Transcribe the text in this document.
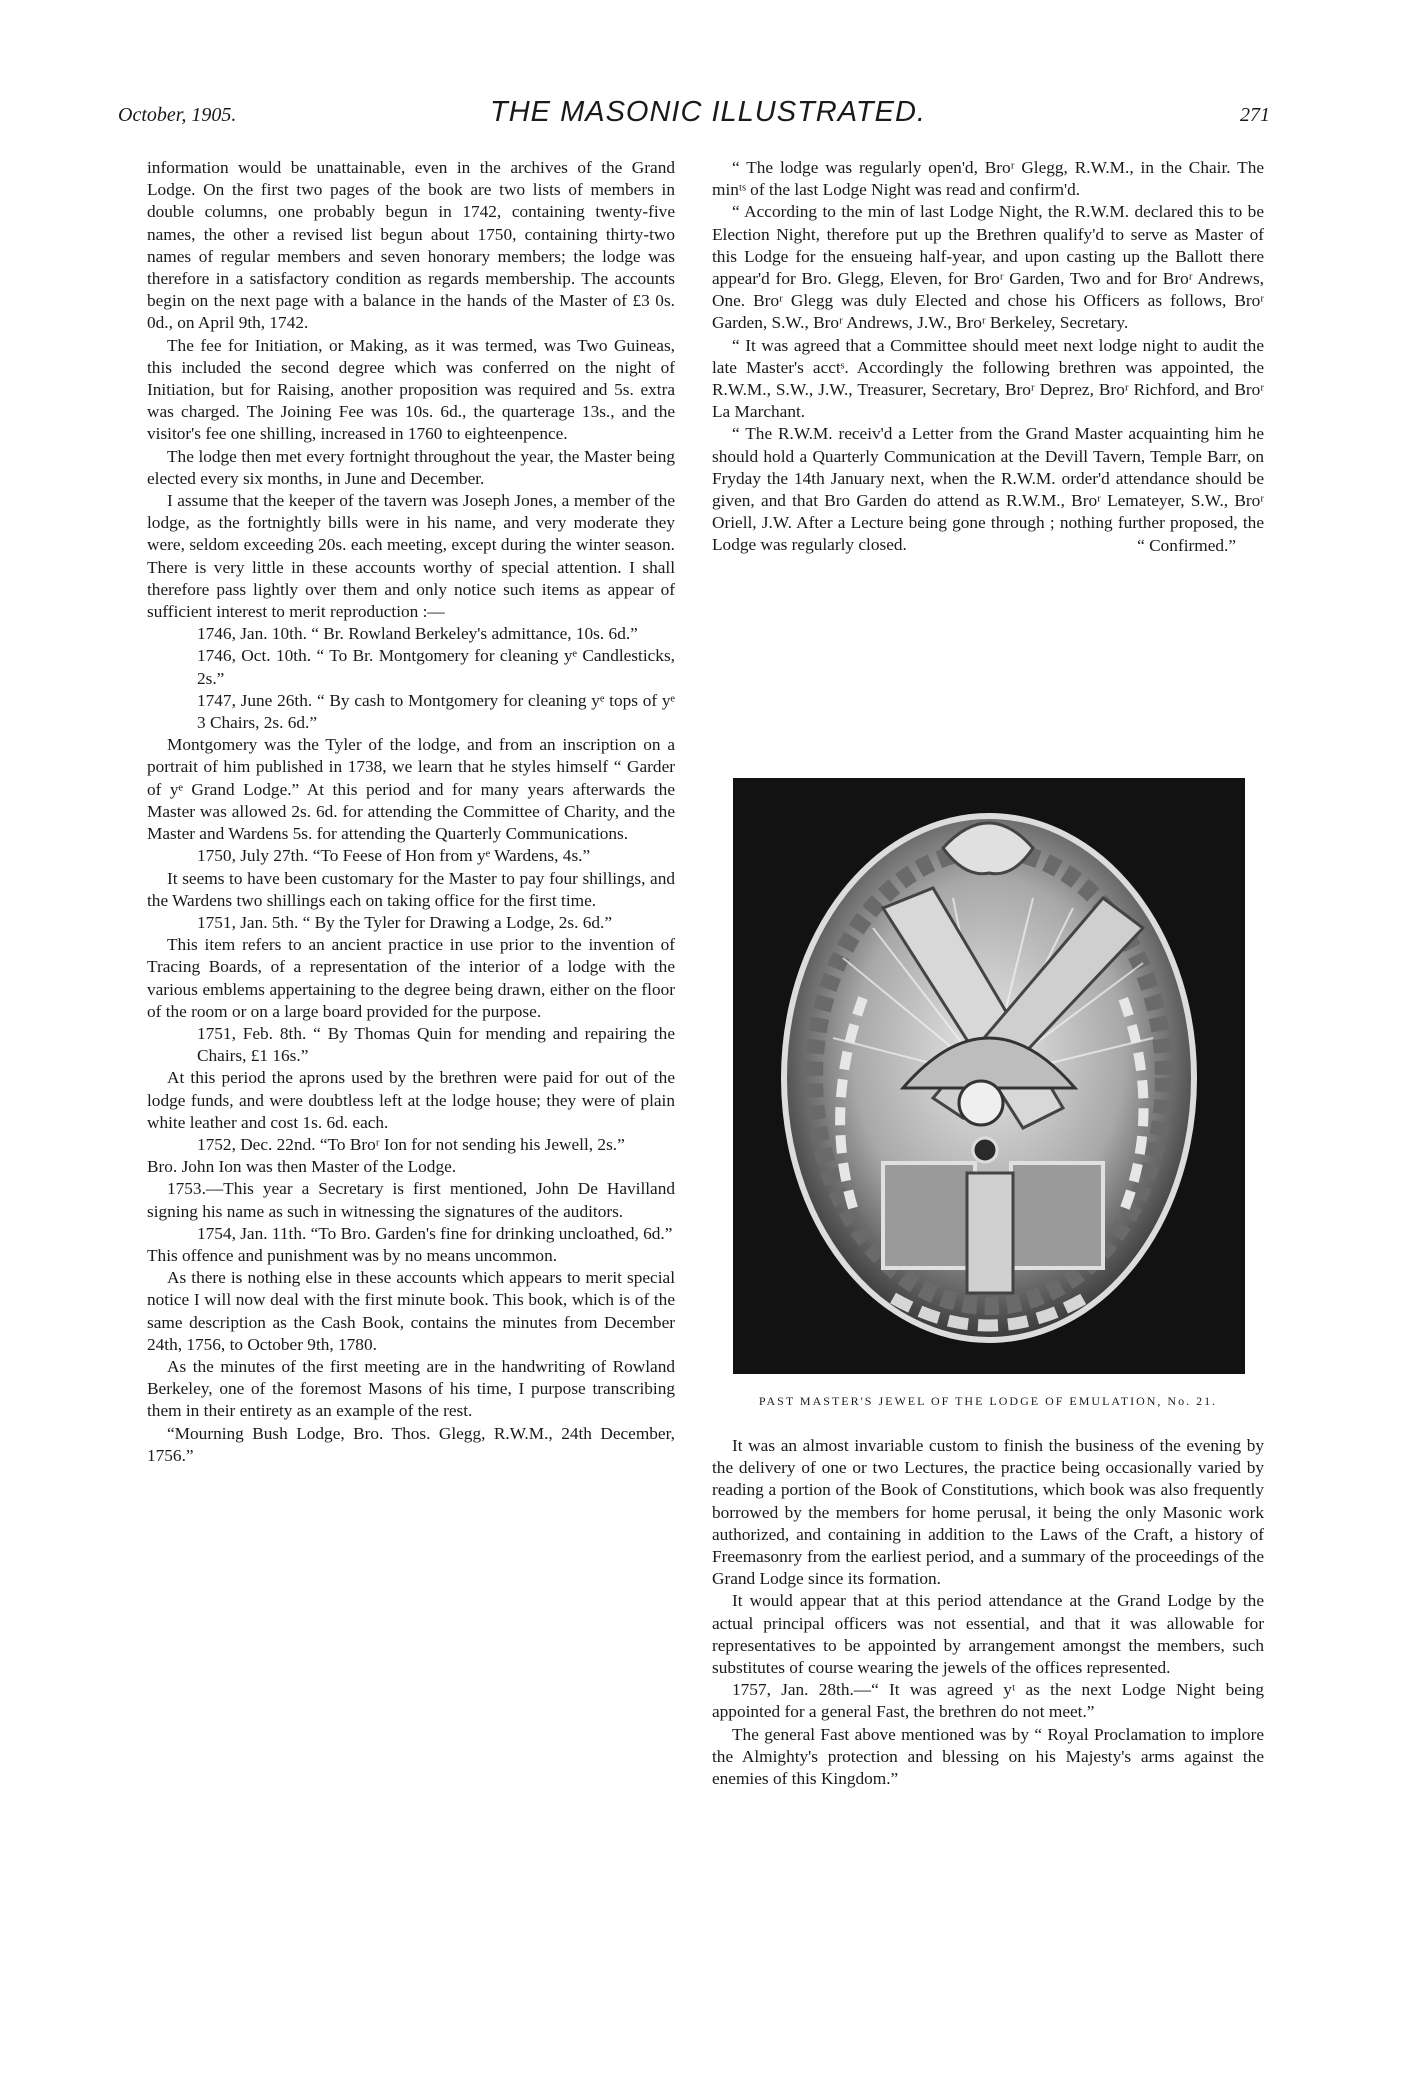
October, 1905.	THE MASONIC ILLUSTRATED.	271

information would be unattainable, even in the archives of the Grand Lodge. On the first two pages of the book are two lists of members in double columns, one probably begun in 1742, containing twenty-five names, the other a revised list begun about 1750, containing thirty-two names of regular members and seven honorary members; the lodge was therefore in a satisfactory condition as regards membership. The accounts begin on the next page with a balance in the hands of the Master of £3 0s. 0d., on April 9th, 1742.

The fee for Initiation, or Making, as it was termed, was Two Guineas, this included the second degree which was conferred on the night of Initiation, but for Raising, another proposition was required and 5s. extra was charged. The Joining Fee was 10s. 6d., the quarterage 13s., and the visitor's fee one shilling, increased in 1760 to eighteenpence.

The lodge then met every fortnight throughout the year, the Master being elected every six months, in June and December.

I assume that the keeper of the tavern was Joseph Jones, a member of the lodge, as the fortnightly bills were in his name, and very moderate they were, seldom exceeding 20s. each meeting, except during the winter season. There is very little in these accounts worthy of special attention. I shall therefore pass lightly over them and only notice such items as appear of sufficient interest to merit reproduction :—

1746, Jan. 10th. “ Br. Rowland Berkeley's admittance, 10s. 6d.”

1746, Oct. 10th. “ To Br. Montgomery for cleaning yᵉ Candlesticks, 2s.”

1747, June 26th. “ By cash to Montgomery for cleaning yᵉ tops of yᵉ 3 Chairs, 2s. 6d.”

Montgomery was the Tyler of the lodge, and from an inscription on a portrait of him published in 1738, we learn that he styles himself “ Garder of yᵉ Grand Lodge.” At this period and for many years afterwards the Master was allowed 2s. 6d. for attending the Committee of Charity, and the Master and Wardens 5s. for attending the Quarterly Communications.

1750, July 27th. “To Feese of Hon from yᵉ Wardens, 4s.”

It seems to have been customary for the Master to pay four shillings, and the Wardens two shillings each on taking office for the first time.

1751, Jan. 5th. “ By the Tyler for Drawing a Lodge, 2s. 6d.”

This item refers to an ancient practice in use prior to the invention of Tracing Boards, of a representation of the interior of a lodge with the various emblems appertaining to the degree being drawn, either on the floor of the room or on a large board provided for the purpose.

1751, Feb. 8th. “ By Thomas Quin for mending and repairing the Chairs, £1 16s.”

At this period the aprons used by the brethren were paid for out of the lodge funds, and were doubtless left at the lodge house; they were of plain white leather and cost 1s. 6d. each.

1752, Dec. 22nd. “To Broʳ Ion for not sending his Jewell, 2s.”

Bro. John Ion was then Master of the Lodge.

1753.—This year a Secretary is first mentioned, John De Havilland signing his name as such in witnessing the signatures of the auditors.

1754, Jan. 11th. “To Bro. Garden's fine for drinking uncloathed, 6d.”

This offence and punishment was by no means uncommon.

As there is nothing else in these accounts which appears to merit special notice I will now deal with the first minute book. This book, which is of the same description as the Cash Book, contains the minutes from December 24th, 1756, to October 9th, 1780.

As the minutes of the first meeting are in the handwriting of Rowland Berkeley, one of the foremost Masons of his time, I purpose transcribing them in their entirety as an example of the rest.

“Mourning Bush Lodge, Bro. Thos. Glegg, R.W.M., 24th December, 1756.”

“ The lodge was regularly open'd, Broʳ Glegg, R.W.M., in the Chair. The minᵗˢ of the last Lodge Night was read and confirm'd.

“ According to the min of last Lodge Night, the R.W.M. declared this to be Election Night, therefore put up the Brethren qualify'd to serve as Master of this Lodge for the ensueing half-year, and upon casting up the Ballott there appear'd for Bro. Glegg, Eleven, for Broʳ Garden, Two and for Broʳ Andrews, One. Broʳ Glegg was duly Elected and chose his Officers as follows, Broʳ Garden, S.W., Broʳ Andrews, J.W., Broʳ Berkeley, Secretary.

“ It was agreed that a Committee should meet next lodge night to audit the late Master's acctˢ. Accordingly the following brethren was appointed, the R.W.M., S.W., J.W., Treasurer, Secretary, Broʳ Deprez, Broʳ Richford, and Broʳ La Marchant.

“ The R.W.M. receiv'd a Letter from the Grand Master acquainting him he should hold a Quarterly Communication at the Devill Tavern, Temple Barr, on Fryday the 14th January next, when the R.W.M. order'd attendance should be given, and that Bro Garden do attend as R.W.M., Broʳ Lemateyer, S.W., Broʳ Oriell, J.W. After a Lecture being gone through ; nothing further proposed, the Lodge was regularly closed.	“ Confirmed.”

PAST MASTER'S JEWEL OF THE LODGE OF EMULATION, No. 21.

It was an almost invariable custom to finish the business of the evening by the delivery of one or two Lectures, the practice being occasionally varied by reading a portion of the Book of Constitutions, which book was also frequently borrowed by the members for home perusal, it being the only Masonic work authorized, and containing in addition to the Laws of the Craft, a history of Freemasonry from the earliest period, and a summary of the proceedings of the Grand Lodge since its formation.

It would appear that at this period attendance at the Grand Lodge by the actual principal officers was not essential, and that it was allowable for representatives to be appointed by arrangement amongst the members, such substitutes of course wearing the jewels of the offices represented.

1757, Jan. 28th.—“ It was agreed yᵗ as the next Lodge Night being appointed for a general Fast, the brethren do not meet.”

The general Fast above mentioned was by “ Royal Proclamation to implore the Almighty's protection and blessing on his Majesty's arms against the enemies of this Kingdom.”
